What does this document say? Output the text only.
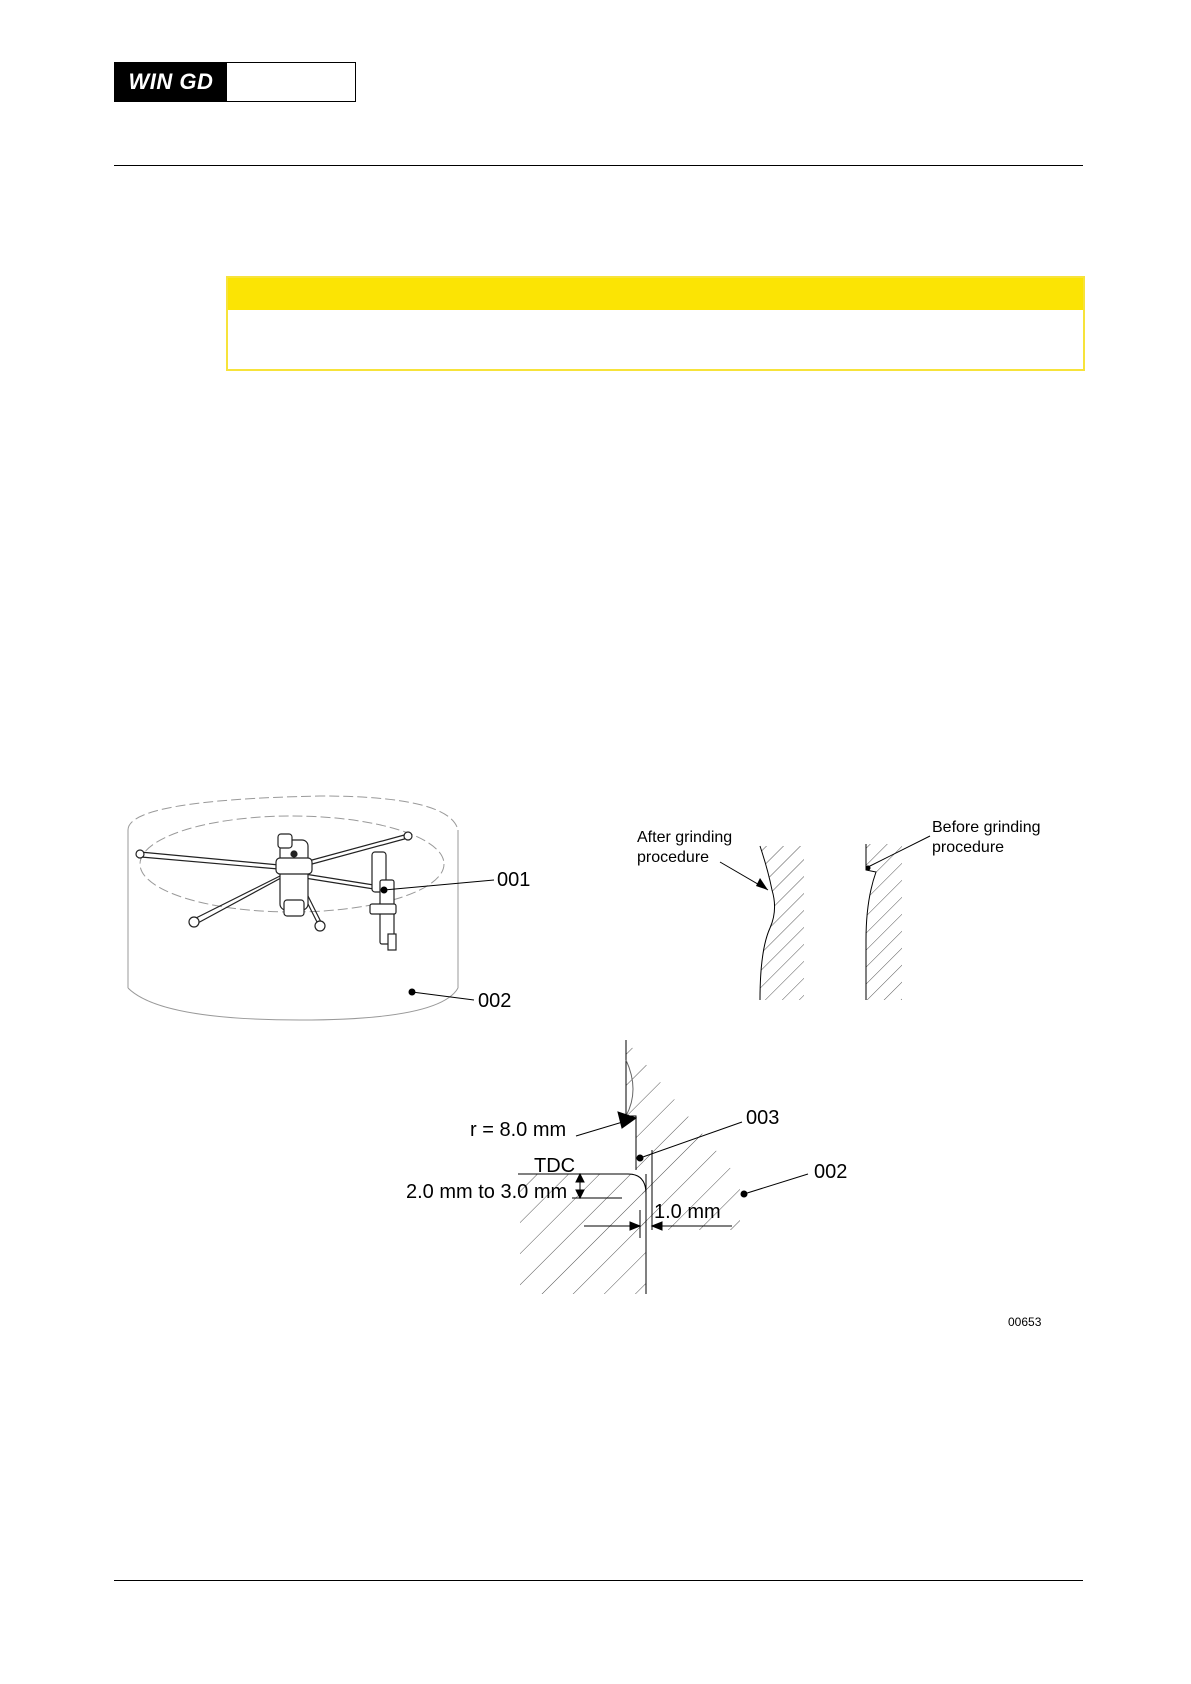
WIN GD
001
002
After grinding
procedure
Before grinding
procedure
r = 8.0 mm
003
002
TDC
2.0 mm to 3.0 mm
1.0 mm
00653
